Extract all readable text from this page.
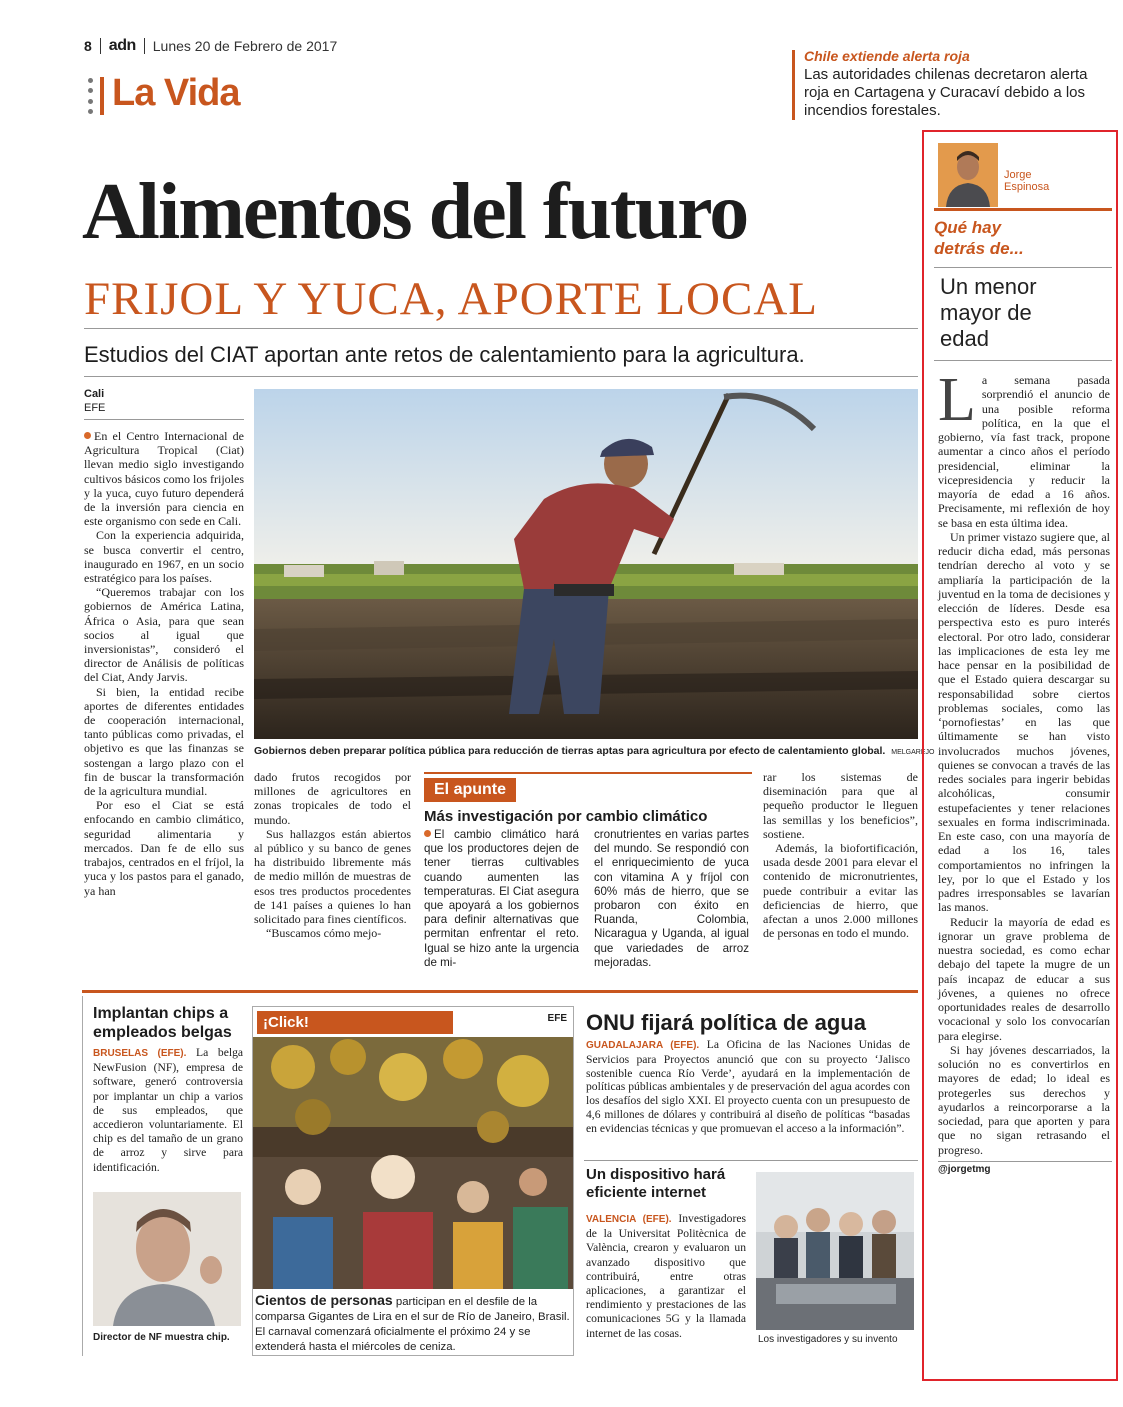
8 adn Lunes 20 de Febrero de 2017
La Vida
Chile extiende alerta roja
Las autoridades chilenas decretaron alerta roja en Cartagena y Curacaví debido a los incendios forestales.
Alimentos del futuro
FRIJOL Y YUCA, APORTE LOCAL
Estudios del CIAT aportan ante retos de calentamiento para la agricultura.
Cali
EFE

En el Centro Internacional de Agricultura Tropical (Ciat) llevan medio siglo investigando cultivos básicos como los frijoles y la yuca, cuyo futuro dependerá de la inversión para ciencia en este organismo con sede en Cali.

Con la experiencia adquirida, se busca convertir el centro, inaugurado en 1967, en un socio estratégico para los países.

“Queremos trabajar con los gobiernos de América Latina, África o Asia, para que sean socios al igual que inversionistas”, consideró el director de Análisis de políticas del Ciat, Andy Jarvis.

Si bien, la entidad recibe aportes de diferentes entidades de cooperación internacional, tanto públicas como privadas, el objetivo es que las finanzas se sostengan a largo plazo con el fin de buscar la transformación de la agricultura mundial.

Por eso el Ciat se está enfocando en cambio climático, seguridad alimentaria y mercados. Dan fe de ello sus trabajos, centrados en el fríjol, la yuca y los pastos para el ganado, ya han

Gobiernos deben preparar política pública para reducción de tierras aptas para agricultura por efecto de calentamiento global. MELGAREJO

dado frutos recogidos por millones de agricultores en zonas tropicales de todo el mundo.

Sus hallazgos están abiertos al público y su banco de genes ha distribuido libremente más de medio millón de muestras de esos tres productos procedentes de 141 países a quienes lo han solicitado para fines científicos.

“Buscamos cómo mejo-

El apunte
Más investigación por cambio climático
El cambio climático hará que los productores dejen de tener tierras cultivables cuando aumenten las temperaturas. El Ciat asegura que apoyará a los gobiernos para definir alternativas que permitan enfrentar el reto. Igual se hizo ante la urgencia de mi-
cronutrientes en varias partes del mundo. Se respondió con el enriquecimiento de yuca con vitamina A y fríjol con 60% más de hierro, que se probaron con éxito en Ruanda, Colombia, Nicaragua y Uganda, al igual que variedades de arroz mejoradas.

rar los sistemas de diseminación para que al pequeño productor le lleguen las semillas y los beneficios”, sostiene.

Además, la biofortificación, usada desde 2001 para elevar el contenido de micronutrientes, puede contribuir a evitar las deficiencias de hierro, que afectan a unos 2.000 millones de personas en todo el mundo.

Jorge Espinosa
Qué hay detrás de...
Un menor mayor de edad

La semana pasada sorprendió el anuncio de una posible reforma política, en la que el gobierno, vía fast track, propone aumentar a cinco años el período presidencial, eliminar la vicepresidencia y reducir la mayoría de edad a 16 años. Precisamente, mi reflexión de hoy se basa en esta última idea.

Un primer vistazo sugiere que, al reducir dicha edad, más personas tendrían derecho al voto y se ampliaría la participación de la juventud en la toma de decisiones y elección de líderes. Desde esa perspectiva esto es puro interés electoral. Por otro lado, considerar las implicaciones de esta ley me hace pensar en la posibilidad de que el Estado quiera descargar su responsabilidad sobre ciertos problemas sociales, como las ‘pornofiestas’ en las que últimamente se han visto involucrados muchos jóvenes, quienes se convocan a través de las redes sociales para ingerir bebidas alcohólicas, consumir estupefacientes y tener relaciones sexuales en forma indiscriminada. En este caso, con una mayoría de edad a los 16, tales comportamientos no infringen la ley, por lo que el Estado y los padres irresponsables se lavarían las manos.

Reducir la mayoría de edad es ignorar un grave problema de nuestra sociedad, es como echar debajo del tapete la mugre de un país incapaz de educar a sus jóvenes, a quienes no ofrece oportunidades reales de desarrollo vocacional y solo los convocarían para elegirse.

Si hay jóvenes descarriados, la solución no es convertirlos en mayores de edad; lo ideal es protegerles sus derechos y ayudarlos a reincorporarse a la sociedad, para que aporten y para que no sigan retrasando el progreso.

@jorgetmg
Implantan chips a empleados belgas
BRUSELAS (EFE). La belga NewFusion (NF), empresa de software, generó controversia por implantar un chip a varios de sus empleados, que accedieron voluntariamente. El chip es del tamaño de un grano de arroz y sirve para identificación.
Director de NF muestra chip.
¡Click!	EFE
Cientos de personas participan en el desfile de la comparsa Gigantes de Lira en el sur de Río de Janeiro, Brasil. El carnaval comenzará oficialmente el próximo 24 y se extenderá hasta el miércoles de ceniza.
ONU fijará política de agua
GUADALAJARA (EFE). La Oficina de las Naciones Unidas de Servicios para Proyectos anunció que con su proyecto ‘Jalisco sostenible cuenca Río Verde’, ayudará en la implementación de políticas públicas ambientales y de preservación del agua acordes con los desafíos del siglo XXI. El proyecto cuenta con un presupuesto de 4,6 millones de dólares y contribuirá al diseño de políticas “basadas en evidencias técnicas y que promuevan el acceso a la información”.
Un dispositivo hará eficiente internet
VALENCIA (EFE). Investigadores de la Universitat Politècnica de València, crearon y evaluaron un avanzado dispositivo que contribuirá, entre otras aplicaciones, a garantizar el rendimiento y prestaciones de las comunicaciones 5G y la llamada internet de las cosas.	Los investigadores y su invento
